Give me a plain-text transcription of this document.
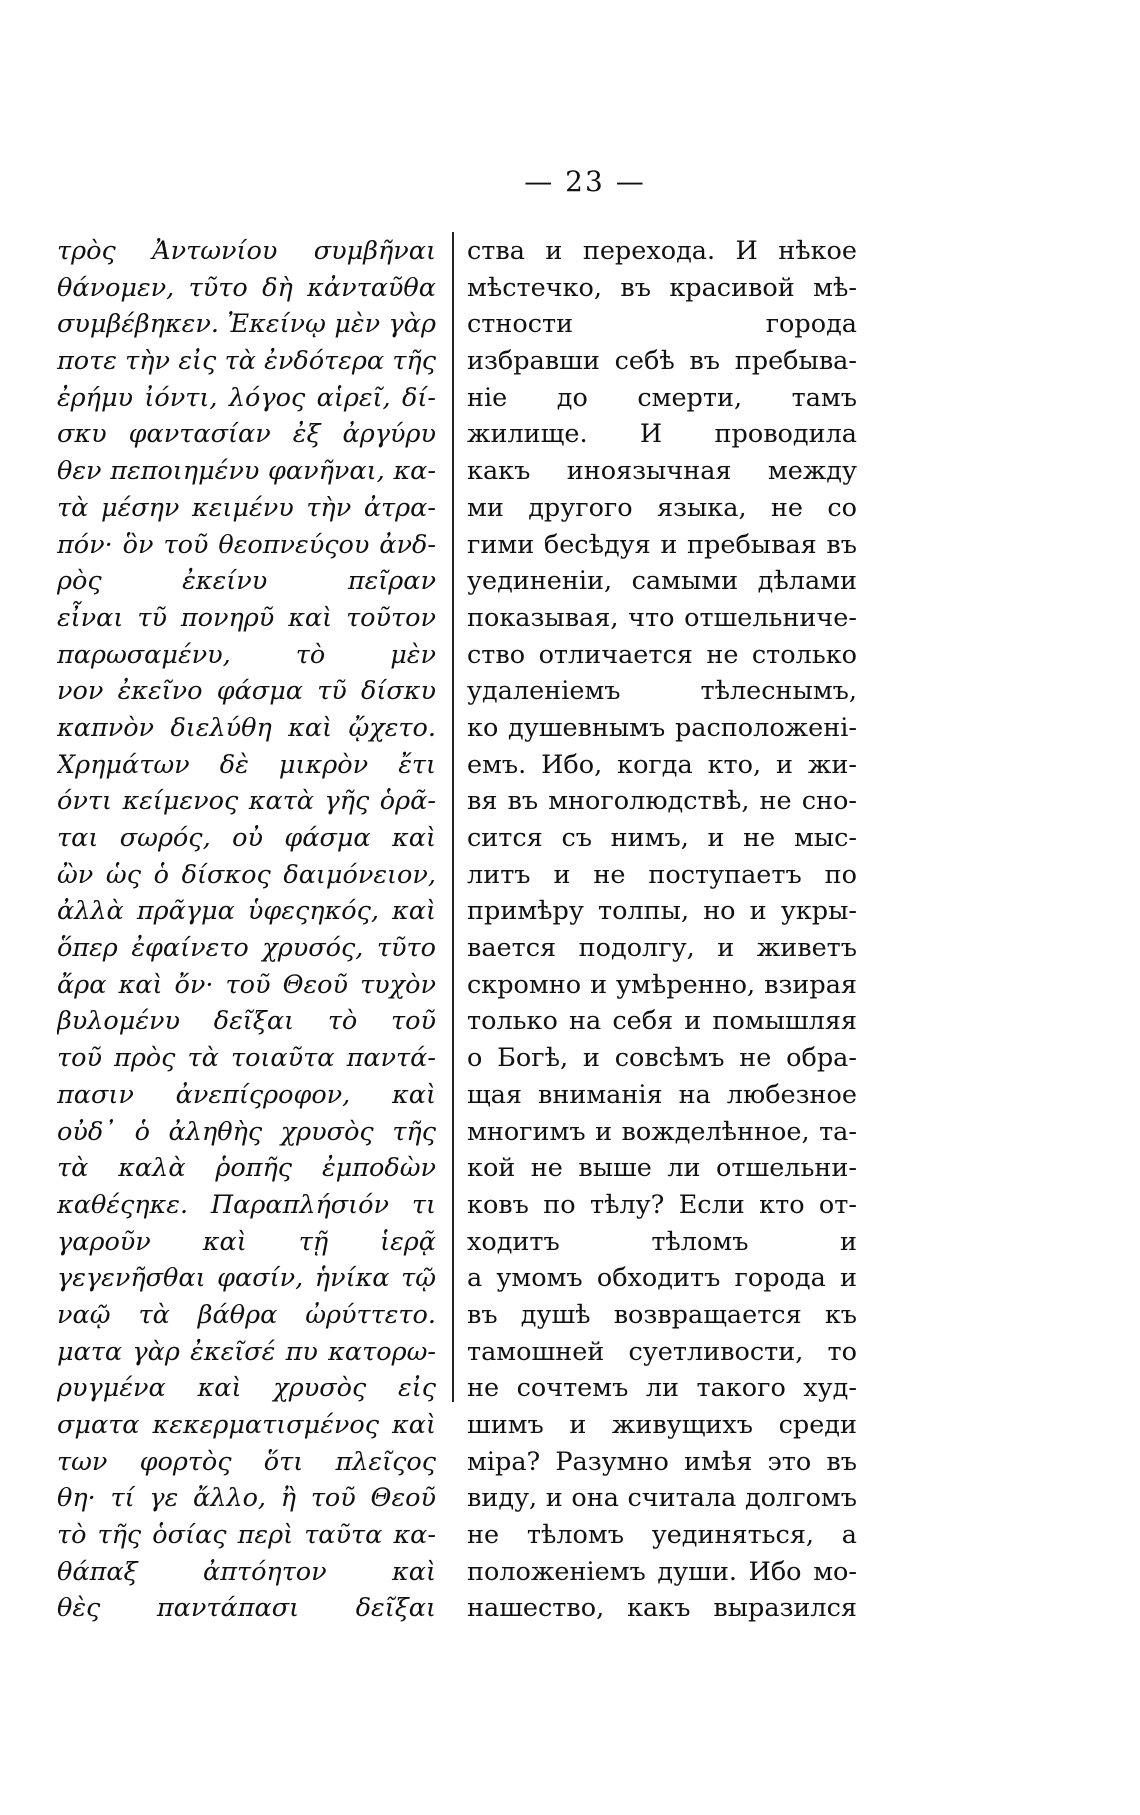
— 23 —
τρὸς Ἀντωνίου συμβῆναι
θάνομεν, τῦτο δὴ κἀνταῦθα
συμβέβηκεν. Ἐκείνῳ μὲν γὰρ
ποτε τὴν εἰς τὰ ἐνδότερα τῆς
ἐρήμυ ἰόντι, λόγος αἱρεῖ, δί-
σκυ φαντασίαν ἐξ ἀργύρυ
θεν πεποιημένυ φανῆναι, κα-
τὰ μέσην κειμένυ τὴν ἀτρα-
πόν· ὃν τοῦ θεοπνεύςου ἀνδ-
ρὸς ἐκείνυ πεῖραν
εἶναι τῦ πονηρῦ καὶ τοῦτον
παρωσαμένυ, τὸ μὲν
νον ἐκεῖνο φάσμα τῦ δίσκυ
καπνὸν διελύθη καὶ ᾤχετο.
Χρημάτων δὲ μικρὸν ἔτι
όντι κείμενος κατὰ γῆς ὁρᾶ-
ται σωρός, οὐ φάσμα καὶ
ὢν ὡς ὁ δίσκος δαιμόνειον,
ἀλλὰ πρᾶγμα ὑφεςηκός, καὶ
ὅπερ ἐφαίνετο χρυσός, τῦτο
ἄρα καὶ ὄν· τοῦ Θεοῦ τυχὸν
βυλομένυ δεῖξαι τὸ τοῦ
τοῦ πρὸς τὰ τοιαῦτα παντά-
πασιν ἀνεπίςροφον, καὶ
οὐδ᾽ ὁ ἀληθὴς χρυσὸς τῆς
τὰ καλὰ ῥοπῆς ἐμποδὼν
καθέςηκε. Παραπλήσιόν τι
γαροῦν καὶ τῇ ἱερᾷ
γεγενῆσθαι φασίν, ἡνίκα τῷ
ναῷ τὰ βάθρα ὠρύττετο.
ματα γὰρ ἐκεῖσέ πυ κατορω-
ρυγμένα καὶ χρυσὸς εἰς
σματα κεκερματισμένος καὶ
των φορτὸς ὅτι πλεῖςος
θη· τί γε ἄλλο, ἢ τοῦ Θεοῦ
τὸ τῆς ὁσίας περὶ ταῦτα κα-
θάπαξ ἀπτόητον καὶ
θὲς παντάπασι δεῖξαι
ства и перехода. И нѣкое
мѣстечко, въ красивой мѣ-
стности города
избравши себѣ въ пребыва-
ніе до смерти, тамъ
жилище. И проводила
какъ иноязычная между
ми другого языка, не со
гими бесѣдуя и пребывая въ
уединеніи, самыми дѣлами
показывая, что отшельниче-
ство отличается не столько
удаленіемъ тѣлеснымъ,
ко душевнымъ расположені-
емъ. Ибо, когда кто, и жи-
вя въ многолюдствѣ, не сно-
сится съ нимъ, и не мыс-
литъ и не поступаетъ по
примѣру толпы, но и укры-
вается подолгу, и живетъ
скромно и умѣренно, взирая
только на себя и помышляя
о Богѣ, и совсѣмъ не обра-
щая вниманія на любезное
многимъ и вожделѣнное, та-
кой не выше ли отшельни-
ковъ по тѣлу? Если кто от-
ходитъ тѣломъ и
а умомъ обходитъ города и
въ душѣ возвращается къ
тамошней суетливости, то
не сочтемъ ли такого худ-
шимъ и живущихъ среди
міра? Разумно имѣя это въ
виду, и она считала долгомъ
не тѣломъ уединяться, а
положеніемъ души. Ибо мо-
нашество, какъ выразился
